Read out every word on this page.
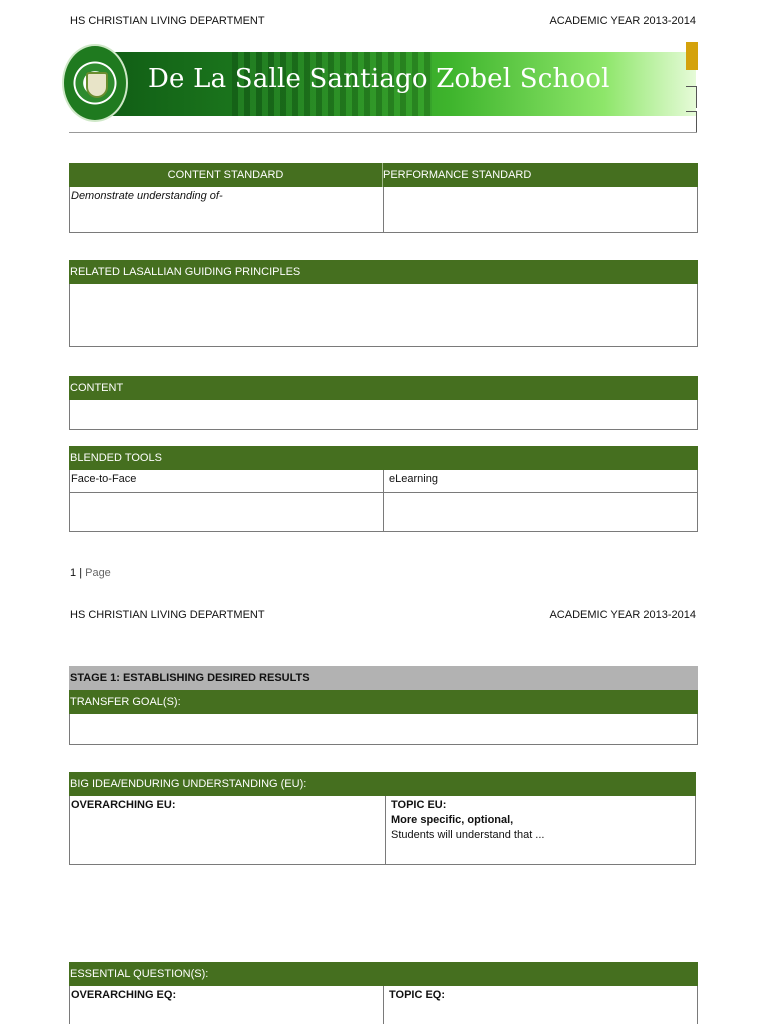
HS CHRISTIAN LIVING DEPARTMENT	ACADEMIC YEAR 2013-2014
De La Salle Santiago Zobel School
CONTENT STANDARD	PERFORMANCE STANDARD
Demonstrate understanding of-
RELATED LASALLIAN GUIDING PRINCIPLES
CONTENT
BLENDED TOOLS
Face-to-Face	eLearning
1 | Page
HS CHRISTIAN LIVING DEPARTMENT	ACADEMIC YEAR 2013-2014
STAGE 1: ESTABLISHING DESIRED RESULTS
TRANSFER GOAL(S):
BIG IDEA/ENDURING UNDERSTANDING (EU):
OVERARCHING EU:	TOPIC EU:
More specific, optional,
Students will understand that ...
ESSENTIAL QUESTION(S):
OVERARCHING EQ:	TOPIC EQ:
